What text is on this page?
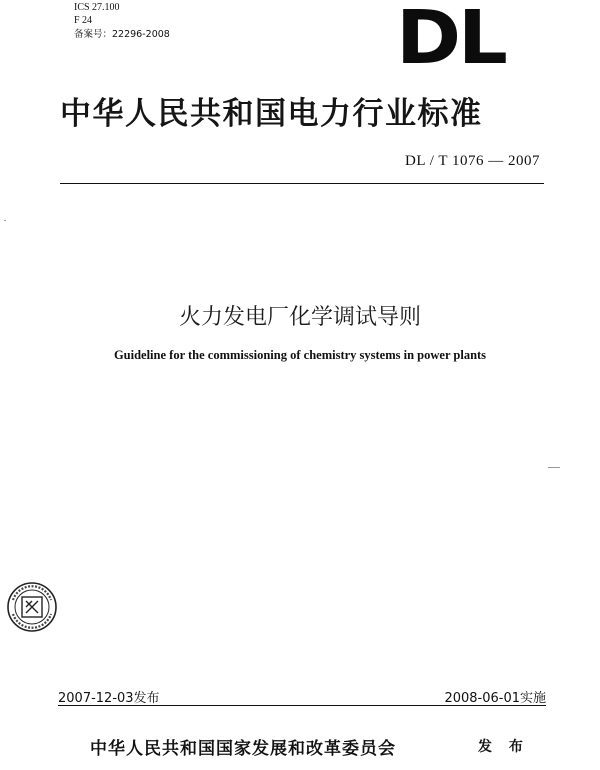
ICS 27.100
F 24
备案号：22296-2008	DL
中华人民共和国电力行业标准
DL / T 1076 — 2007
火力发电厂化学调试导则
Guideline for the commissioning of chemistry systems in power plants
2007-12-03发布	2008-06-01实施
中华人民共和国国家发展和改革委员会	发 布
